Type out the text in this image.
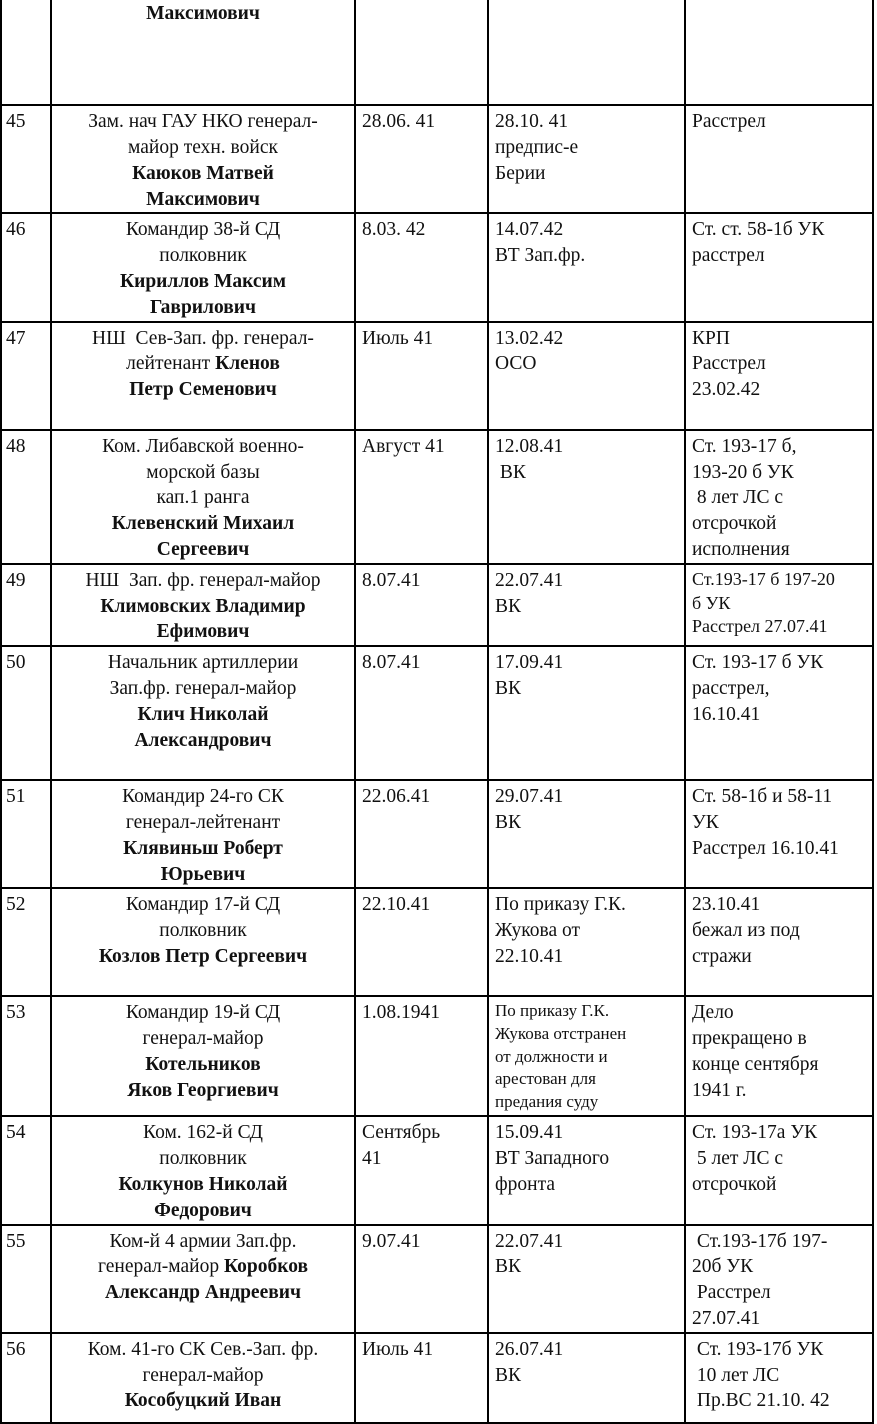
	Максимович			

45	Зам. нач ГАУ НКО генерал-
майор техн. войск
Каюков Матвей
Максимович	28.06. 41	28.10. 41
предпис-е
Берии	Расстрел

46	Командир 38-й СД
полковник
Кириллов Максим
Гаврилович	8.03. 42	14.07.42
ВТ Зап.фр.	Ст. ст. 58-1б УК
расстрел

47	НШ  Сев-Зап. фр. генерал-
лейтенант Кленов
Петр Семенович	Июль 41	13.02.42
ОСО	КРП
Расстрел
23.02.42

48	Ком. Либавской военно-
морской базы
кап.1 ранга
Клевенский Михаил
Сергеевич	Август 41	12.08.41
ВК	Ст. 193-17 б,
193-20 б УК
8 лет ЛС с
отсрочкой
исполнения

49	НШ  Зап. фр. генерал-майор
Климовских Владимир
Ефимович	8.07.41	22.07.41
ВК	Ст.193-17 б 197-20
б УК
Расстрел 27.07.41

50	Начальник артиллерии
Зап.фр. генерал-майор
Клич Николай
Александрович	8.07.41	17.09.41
ВК	Ст. 193-17 б УК
расстрел,
16.10.41

51	Командир 24-го СК
генерал-лейтенант
Клявиньш Роберт
Юрьевич	22.06.41	29.07.41
ВК	Ст. 58-1б и 58-11
УК
Расстрел 16.10.41

52	Командир 17-й СД
полковник
Козлов Петр Сергеевич	22.10.41	По приказу Г.К.
Жукова от
22.10.41	23.10.41
бежал из под
стражи

53	Командир 19-й СД
генерал-майор
Котельников
Яков Георгиевич	1.08.1941	По приказу Г.К.
Жукова отстранен
от должности и
арестован для
предания суду	Дело
прекращено в
конце сентября
1941 г.

54	Ком. 162-й СД
полковник
Колкунов Николай
Федорович	Сентябрь
41	15.09.41
ВТ Западного
фронта	Ст. 193-17а УК
5 лет ЛС с
отсрочкой

55	Ком-й 4 армии Зап.фр.
генерал-майор Коробков
Александр Андреевич	9.07.41	22.07.41
ВК	Ст.193-17б 197-
20б УК
Расстрел
27.07.41

56	Ком. 41-го СК Сев.-Зап. фр.
генерал-майор
Кособуцкий Иван	Июль 41	26.07.41
ВК	Ст. 193-17б УК
10 лет ЛС
Пр.ВС 21.10. 42
